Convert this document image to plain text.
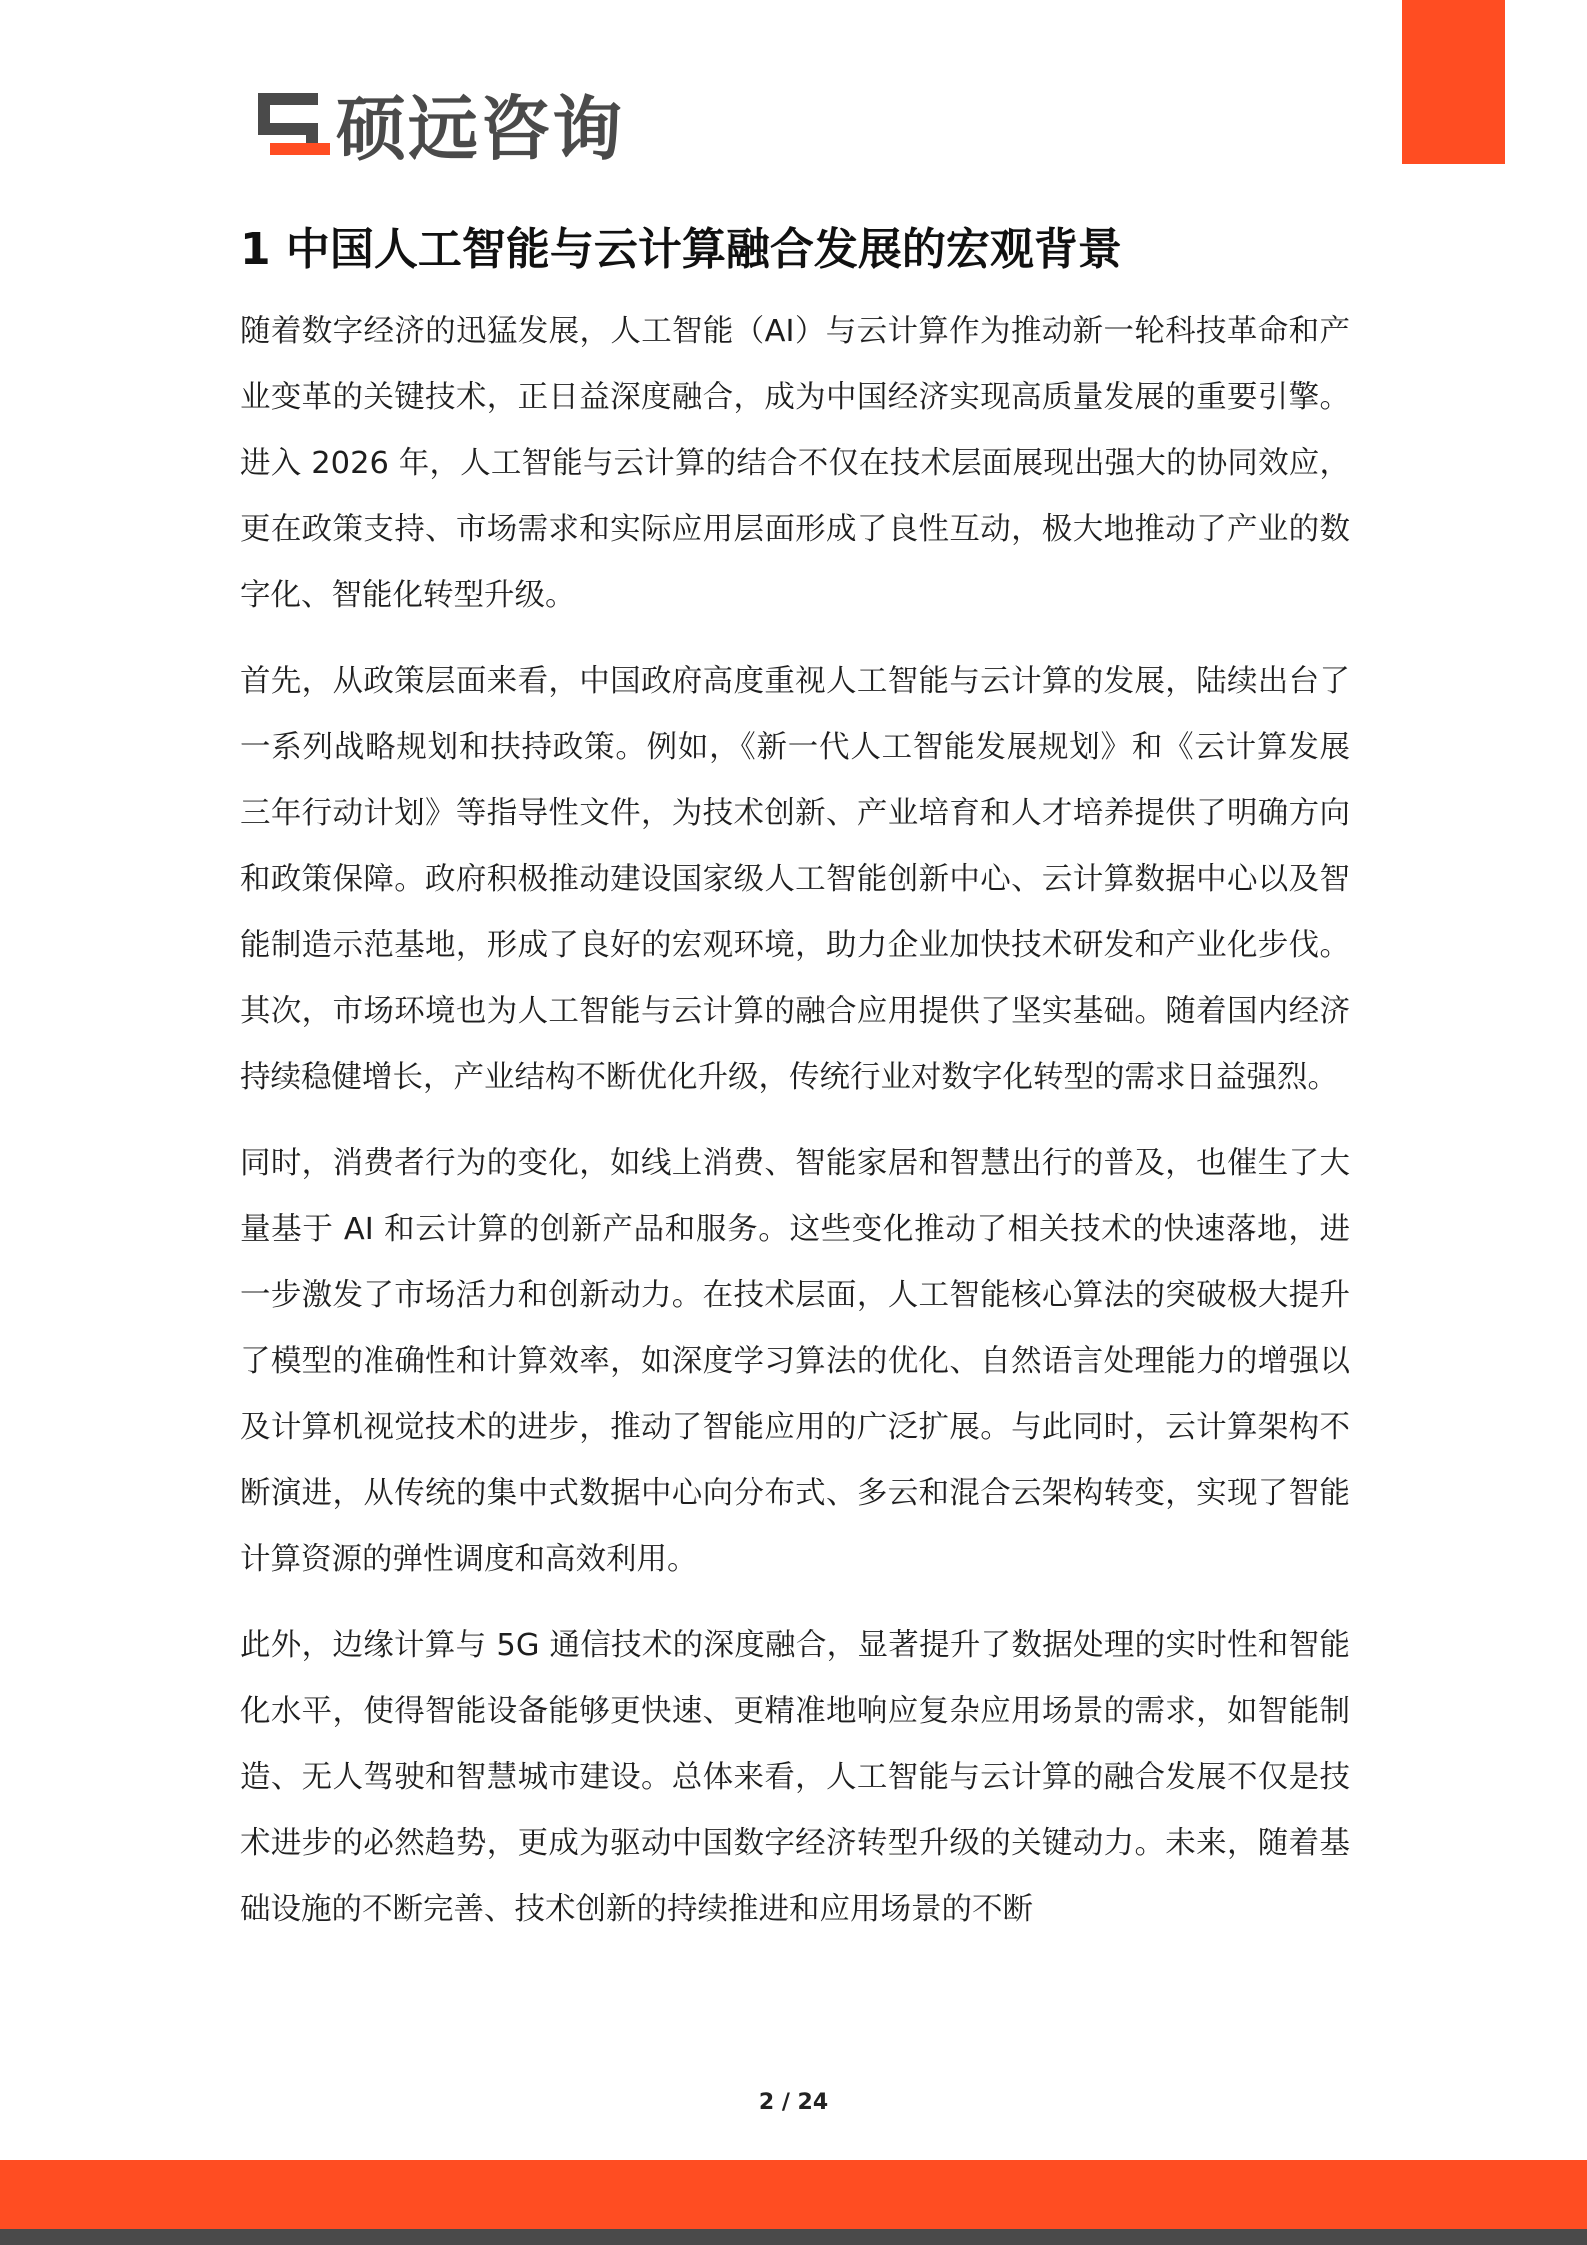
硕远咨询
1 中国人工智能与云计算融合发展的宏观背景

随着数字经济的迅猛发展，人工智能（AI）与云计算作为推动新一轮科技革命和产业变革的关键技术，正日益深度融合，成为中国经济实现高质量发展的重要引擎。进入 2026 年，人工智能与云计算的结合不仅在技术层面展现出强大的协同效应，更在政策支持、市场需求和实际应用层面形成了良性互动，极大地推动了产业的数字化、智能化转型升级。

首先，从政策层面来看，中国政府高度重视人工智能与云计算的发展，陆续出台了一系列战略规划和扶持政策。例如，《新一代人工智能发展规划》和《云计算发展三年行动计划》等指导性文件，为技术创新、产业培育和人才培养提供了明确方向和政策保障。政府积极推动建设国家级人工智能创新中心、云计算数据中心以及智能制造示范基地，形成了良好的宏观环境，助力企业加快技术研发和产业化步伐。其次，市场环境也为人工智能与云计算的融合应用提供了坚实基础。随着国内经济持续稳健增长，产业结构不断优化升级，传统行业对数字化转型的需求日益强烈。

同时，消费者行为的变化，如线上消费、智能家居和智慧出行的普及，也催生了大量基于 AI 和云计算的创新产品和服务。这些变化推动了相关技术的快速落地，进一步激发了市场活力和创新动力。在技术层面，人工智能核心算法的突破极大提升了模型的准确性和计算效率，如深度学习算法的优化、自然语言处理能力的增强以及计算机视觉技术的进步，推动了智能应用的广泛扩展。与此同时，云计算架构不断演进，从传统的集中式数据中心向分布式、多云和混合云架构转变，实现了智能计算资源的弹性调度和高效利用。

此外，边缘计算与 5G 通信技术的深度融合，显著提升了数据处理的实时性和智能化水平，使得智能设备能够更快速、更精准地响应复杂应用场景的需求，如智能制造、无人驾驶和智慧城市建设。总体来看，人工智能与云计算的融合发展不仅是技术进步的必然趋势，更成为驱动中国数字经济转型升级的关键动力。未来，随着基础设施的不断完善、技术创新的持续推进和应用场景的不断

2 / 24
